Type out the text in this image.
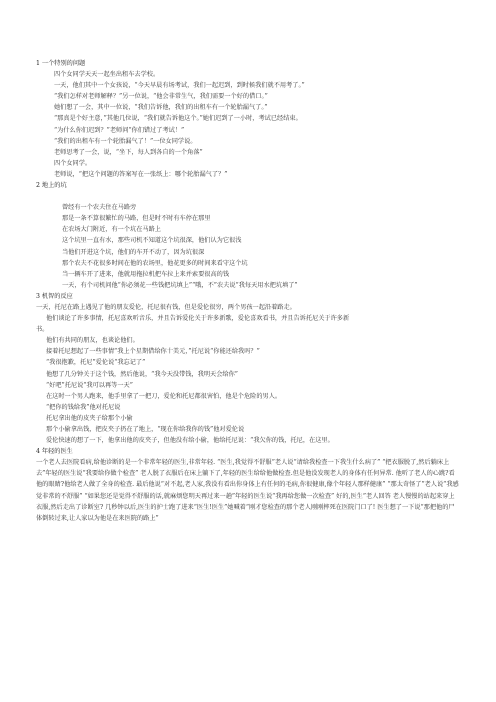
1 一个特别的问题

四个女同学天天一起坐出租车去学校。

一天，他们其中一个女孩说，“今天早晨有场考试，我们一起迟到，到时候我们就不用考了。”

“我们怎样对老师解释？”另一位说，“他会非常生气，我们需要一个好的借口。”

她们想了一会，其中一位说，“我们告诉他，我们的出租车有一个轮胎漏气了。”

“那真是个好主意，”其他几位说，“我们就告诉他这个。”她们迟到了一小时，考试已经结束。

“为什么你们迟到？”老师问“你们错过了考试！”

“我们的出租车有一个轮胎漏气了！”一位女同学说。

老师思考了一会，说，“坐下，每人到各自的一个角落”

四个女同学。

老师说，“把这个问题的答案写在一张纸上：哪个轮胎漏气了？”

2 地上的坑

曾经有一个农夫住在马路旁

那是一条不算很繁忙的马路，但是时不时有车停在那里

在农场大门附近，有一个坑在马路上

这个坑里一直有水，那些司机不知道这个坑很深，他们认为它很浅

当他们开进这个坑，他们的车开不动了，因为坑很深

那个农夫不花很多时间在他的农场里，他花更多的时间来看守这个坑

当一辆车开了进来，他就用拖拉机把车拉上来并索要很高的钱

一天，有个司机问他“你必须花一些钱把坑填上”“哦，不”农夫说“我每天用水把坑填了”

3 机智的反应

一天，托尼在路上遇见了他的朋友爱伦，托尼很有钱，但是爱伦很穷，两个男孩一起沿着路走。

他们谈论了许多事情，托尼喜欢听音乐，并且告诉爱伦关于许多新歌，爱伦喜欢看书，并且告诉托尼关于许多新

书。

他们有共同的朋友，也谈论他们。

接着托尼想起了一些事情“我上个星期借给你十美元，”托尼说“你能还给我吗？”

“我很抱歉，托尼”爱伦说“我忘记了”

他想了几分钟关于这个钱，然后他说，“我今天没带钱，我明天会给你”

“好吧”托尼说“我可以再等一天”

在这时一个男人跑来，他手里拿了一把刀，爱伦和托尼都很害怕，他是个危险的男人。

“把你的钱给我”他对托尼说

托尼拿出他的皮夹子给那个小偷

那个小偷拿出钱，把皮夹子扔在了地上，“现在你给我你的钱”他对爱伦说

爱伦快速的想了一下，他拿出他的皮夹子，但他没有给小偷，他给托尼说：“我欠你的钱，托尼，在这里。

4 年轻的医生

一个老人去医院看病,给他诊断的是一个非常年轻的医生,非常年轻. “医生,我觉得不舒服”老人说“请给我检查一下我生什么病了” “把衣服脱了,然后躺床上去”年轻的医生说“我要给你做个检查” 老人脱了衣服后在床上躺下了,年轻的医生给给他做检查.但是他没发现老人的身体有任何异常. 他听了老人的心跳?看他的眼睛?他给老人做了全身的检查. 最后他说“对不起,老人家,我没有看出你身体上有任何的毛病,你很健康,像个年轻人那样健康” “那太奇怪了”老人说“我感觉非常的不舒服” “如果您还是觉得不舒服的话,就麻烦您明天再过来一趟”年轻的医生说“我再给您做一次检查” 好的,医生”老人回答 老人慢慢的站起来穿上衣服,然后走出了诊断室? 几秒钟以后,医生的护士跑了进来“医生!医生”她喊着“刚才您检查的那个老人刚刚摔死在医院门口了! 医生想了一下说“那把他的尸体倒转过来,让人家以为他是在来医院的路上”
